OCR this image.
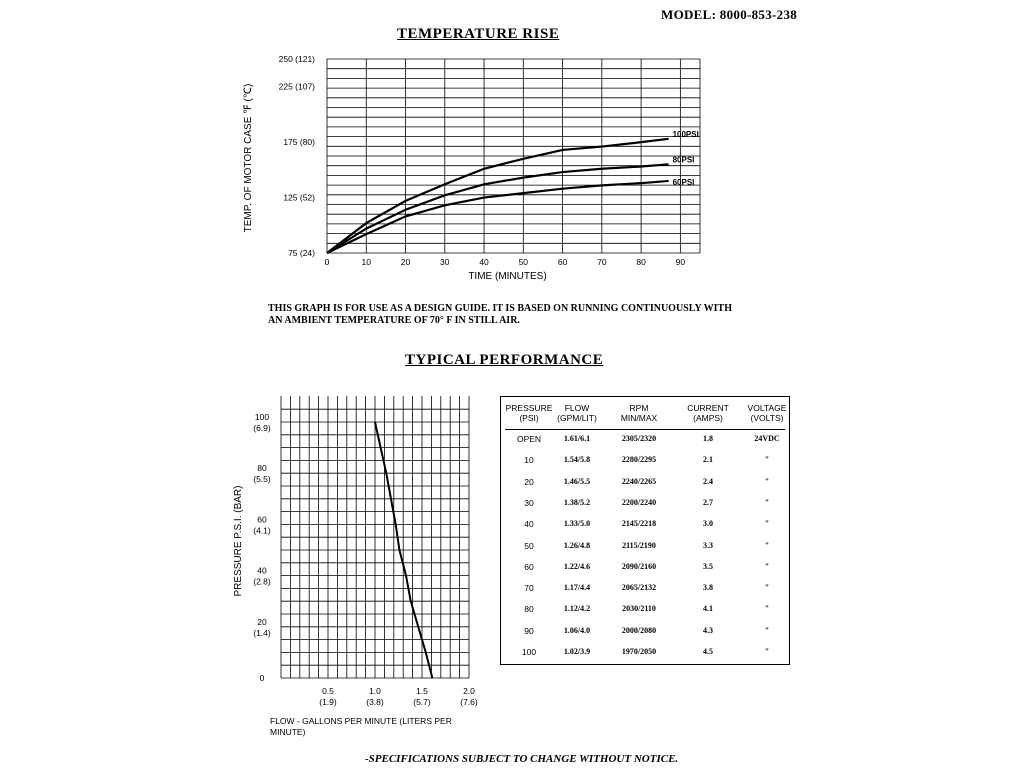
MODEL: 8000-853-238
TEMPERATURE RISE
0	10	20	30	40	50	60	70	80	90
75 (24)
125 (52)
175 (80)
225 (107)
250 (121)
TIME (MINUTES)
TEMP. OF MOTOR CASE ℉ (℃)	100PSI
80PSI
60PSI
0
20
(1.4)
40
(2.8)
60
(4.1)
80
(5.5)
100
(6.9)
0.5
(1.9)
1.0
(3.8)
1.5
(5.7)
2.0
(7.6)
FLOW - GALLONS PER MINUTE (LITERS PER
MINUTE)
PRESSURE P.S.I. (BAR)
THIS GRAPH IS FOR USE AS A DESIGN GUIDE. IT IS BASED ON RUNNING CONTINUOUSLY WITH
AN AMBIENT TEMPERATURE OF 70° F IN STILL AIR.
TYPICAL PERFORMANCE
PRESSURE
(PSI)
FLOW
(GPM/LIT)
RPM
MIN/MAX
CURRENT
(AMPS)
VOLTAGE
(VOLTS)
OPEN	1.61/6.1	2305/2320	1.8	24VDC
10	1.54/5.8	2280/2295	2.1	"
20	1.46/5.5	2240/2265	2.4	"
30	1.38/5.2	2200/2240	2.7	"
40	1.33/5.0	2145/2218	3.0	"
50	1.26/4.8	2115/2190	3.3	"
60	1.22/4.6	2090/2160	3.5	"
70	1.17/4.4	2065/2132	3.8	"
80	1.12/4.2	2030/2110	4.1	"
90	1.06/4.0	2000/2080	4.3	"
100	1.02/3.9	1970/2050	4.5	"
-SPECIFICATIONS SUBJECT TO CHANGE WITHOUT NOTICE.
